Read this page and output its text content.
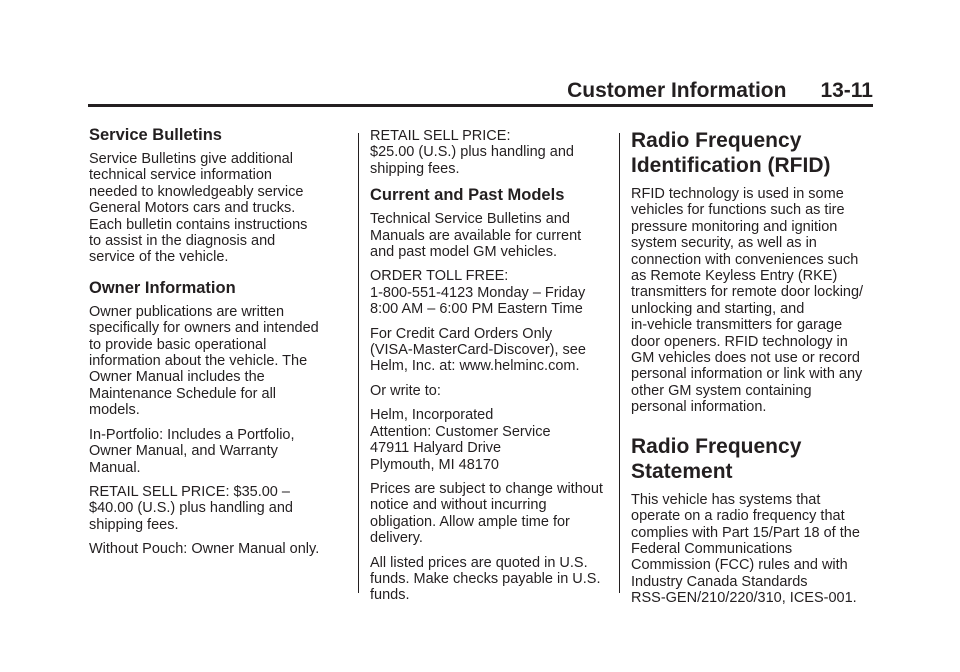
Customer Information 13-11
Service Bulletins

Service Bulletins give additional
technical service information
needed to knowledgeably service
General Motors cars and trucks.
Each bulletin contains instructions
to assist in the diagnosis and
service of the vehicle.

Owner Information

Owner publications are written
specifically for owners and intended
to provide basic operational
information about the vehicle. The
Owner Manual includes the
Maintenance Schedule for all
models.

In-Portfolio: Includes a Portfolio,
Owner Manual, and Warranty
Manual.

RETAIL SELL PRICE: $35.00 –
$40.00 (U.S.) plus handling and
shipping fees.

Without Pouch: Owner Manual only.

RETAIL SELL PRICE:
$25.00 (U.S.) plus handling and
shipping fees.

Current and Past Models

Technical Service Bulletins and
Manuals are available for current
and past model GM vehicles.

ORDER TOLL FREE:
1-800-551-4123 Monday – Friday
8:00 AM – 6:00 PM Eastern Time

For Credit Card Orders Only
(VISA-MasterCard-Discover), see
Helm, Inc. at: www.helminc.com.

Or write to:

Helm, Incorporated
Attention: Customer Service
47911 Halyard Drive
Plymouth, MI 48170

Prices are subject to change without
notice and without incurring
obligation. Allow ample time for
delivery.

All listed prices are quoted in U.S.
funds. Make checks payable in U.S.
funds.

Radio Frequency
Identification (RFID)

RFID technology is used in some
vehicles for functions such as tire
pressure monitoring and ignition
system security, as well as in
connection with conveniences such
as Remote Keyless Entry (RKE)
transmitters for remote door locking/
unlocking and starting, and
in-vehicle transmitters for garage
door openers. RFID technology in
GM vehicles does not use or record
personal information or link with any
other GM system containing
personal information.

Radio Frequency
Statement

This vehicle has systems that
operate on a radio frequency that
complies with Part 15/Part 18 of the
Federal Communications
Commission (FCC) rules and with
Industry Canada Standards
RSS-GEN/210/220/310, ICES-001.
